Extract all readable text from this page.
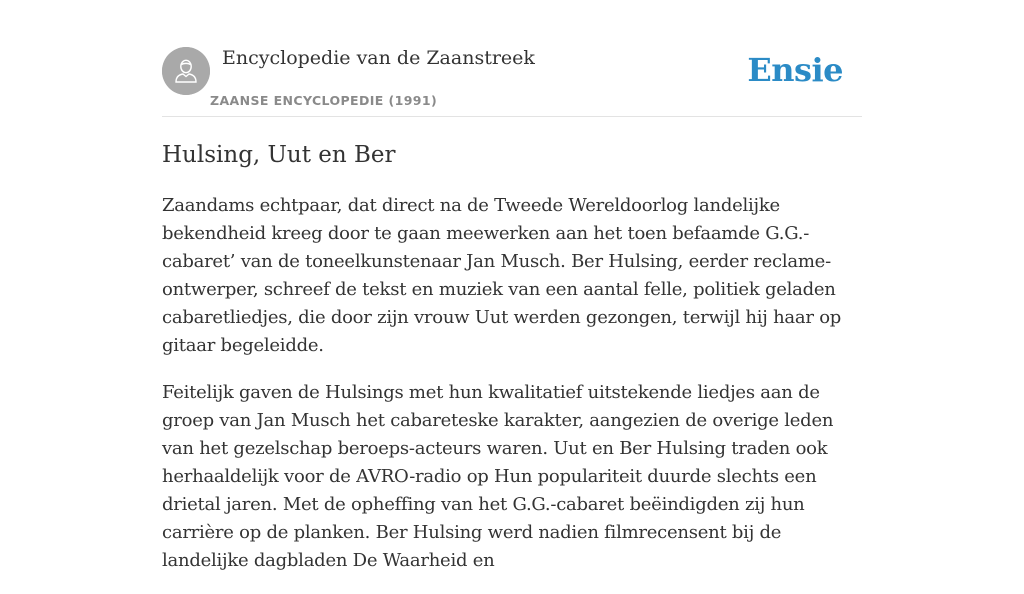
Encyclopedie van de Zaanstreek
ZAANSE ENCYCLOPEDIE (1991)
Ensie
Hulsing, Uut en Ber

Zaandams echtpaar, dat direct na de Tweede Wereldoorlog landelijke bekendheid kreeg door te gaan meewerken aan het toen befaamde G.G.-cabaret’ van de toneelkunstenaar Jan Musch. Ber Hulsing, eerder reclame-ontwerper, schreef de tekst en muziek van een aantal felle, politiek geladen cabaretliedjes, die door zijn vrouw Uut werden gezongen, terwijl hij haar op gitaar begeleidde.

Feitelijk gaven de Hulsings met hun kwalitatief uitstekende liedjes aan de groep van Jan Musch het cabareteske karakter, aangezien de overige leden van het gezelschap beroeps-acteurs waren. Uut en Ber Hulsing traden ook herhaaldelijk voor de AVRO-radio op Hun populariteit duurde slechts een drietal jaren. Met de opheffing van het G.G.-cabaret beëindigden zij hun carrière op de planken. Ber Hulsing werd nadien filmrecensent bij de landelijke dagbladen De Waarheid en
